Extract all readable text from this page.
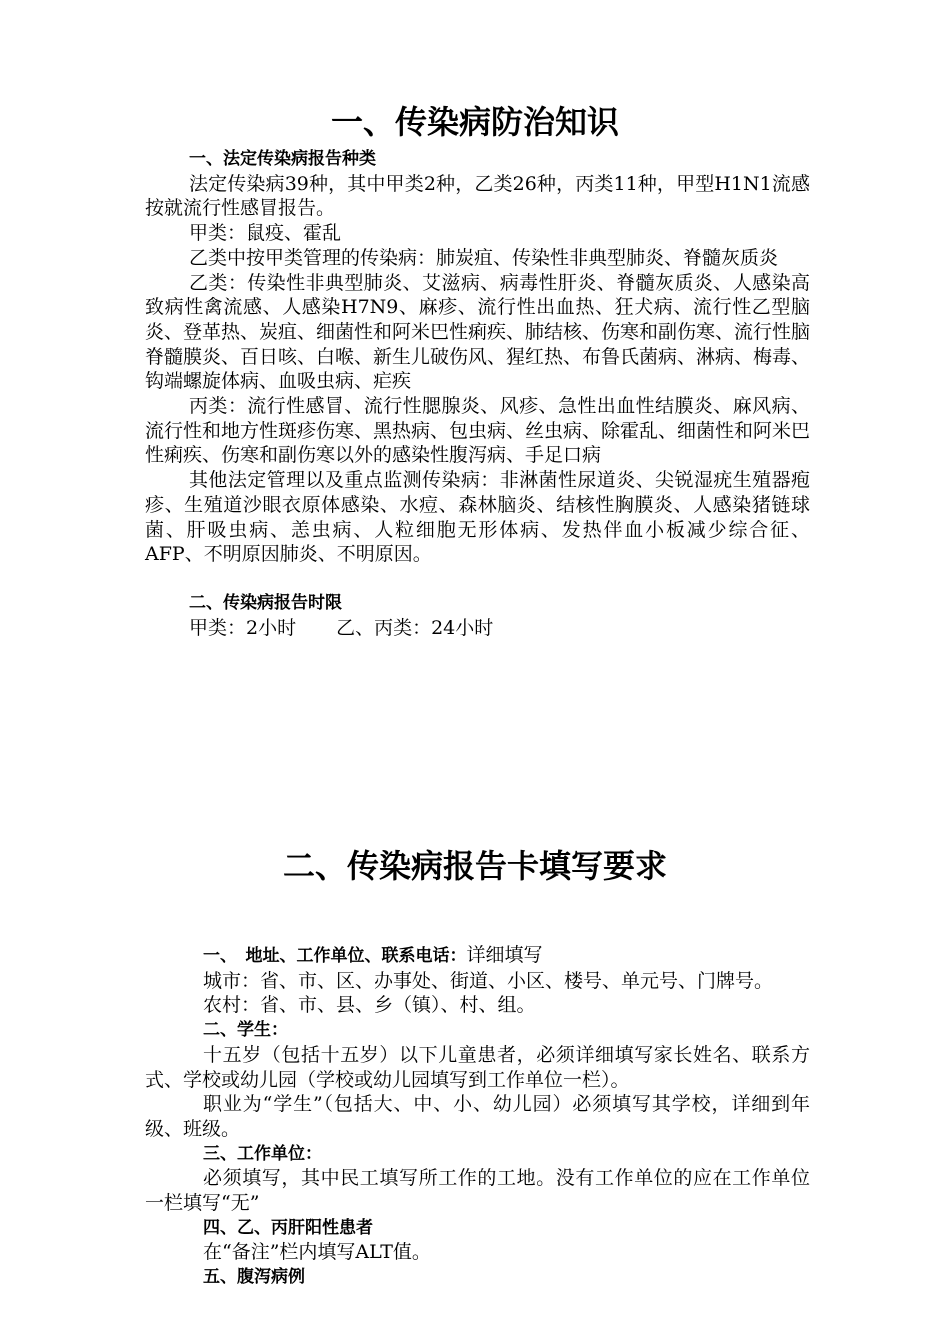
一、传染病防治知识

一、法定传染病报告种类

法定传染病39种，其中甲类2种，乙类26种，丙类11种，甲型H1N1流感按就流行性感冒报告。

甲类：鼠疫、霍乱

乙类中按甲类管理的传染病：肺炭疽、传染性非典型肺炎、脊髓灰质炎

乙类：传染性非典型肺炎、艾滋病、病毒性肝炎、脊髓灰质炎、人感染高致病性禽流感、人感染H7N9、麻疹、流行性出血热、狂犬病、流行性乙型脑炎、登革热、炭疽、细菌性和阿米巴性痢疾、肺结核、伤寒和副伤寒、流行性脑脊髓膜炎、百日咳、白喉、新生儿破伤风、猩红热、布鲁氏菌病、淋病、梅毒、钩端螺旋体病、血吸虫病、疟疾

丙类：流行性感冒、流行性腮腺炎、风疹、急性出血性结膜炎、麻风病、流行性和地方性斑疹伤寒、黑热病、包虫病、丝虫病、除霍乱、细菌性和阿米巴性痢疾、伤寒和副伤寒以外的感染性腹泻病、手足口病

其他法定管理以及重点监测传染病：非淋菌性尿道炎、尖锐湿疣生殖器疱疹、生殖道沙眼衣原体感染、水痘、森林脑炎、结核性胸膜炎、人感染猪链球菌、肝吸虫病、恙虫病、人粒细胞无形体病、发热伴血小板减少综合征、AFP、不明原因肺炎、不明原因。

二、传染病报告时限

甲类：2小时 乙、丙类：24小时

二、传染病报告卡填写要求

一、　地址、工作单位、联系电话：详细填写

城市：省、市、区、办事处、街道、小区、楼号、单元号、门牌号。

农村：省、市、县、乡（镇）、村、组。

二、学生：

十五岁（包括十五岁）以下儿童患者，必须详细填写家长姓名、联系方式、学校或幼儿园（学校或幼儿园填写到工作单位一栏）。

职业为“学生”（包括大、中、小、幼儿园）必须填写其学校，详细到年级、班级。

三、工作单位：

必须填写，其中民工填写所工作的工地。没有工作单位的应在工作单位一栏填写“无”

四、乙、丙肝阳性患者

在“备注”栏内填写ALT值。

五、腹泻病例
